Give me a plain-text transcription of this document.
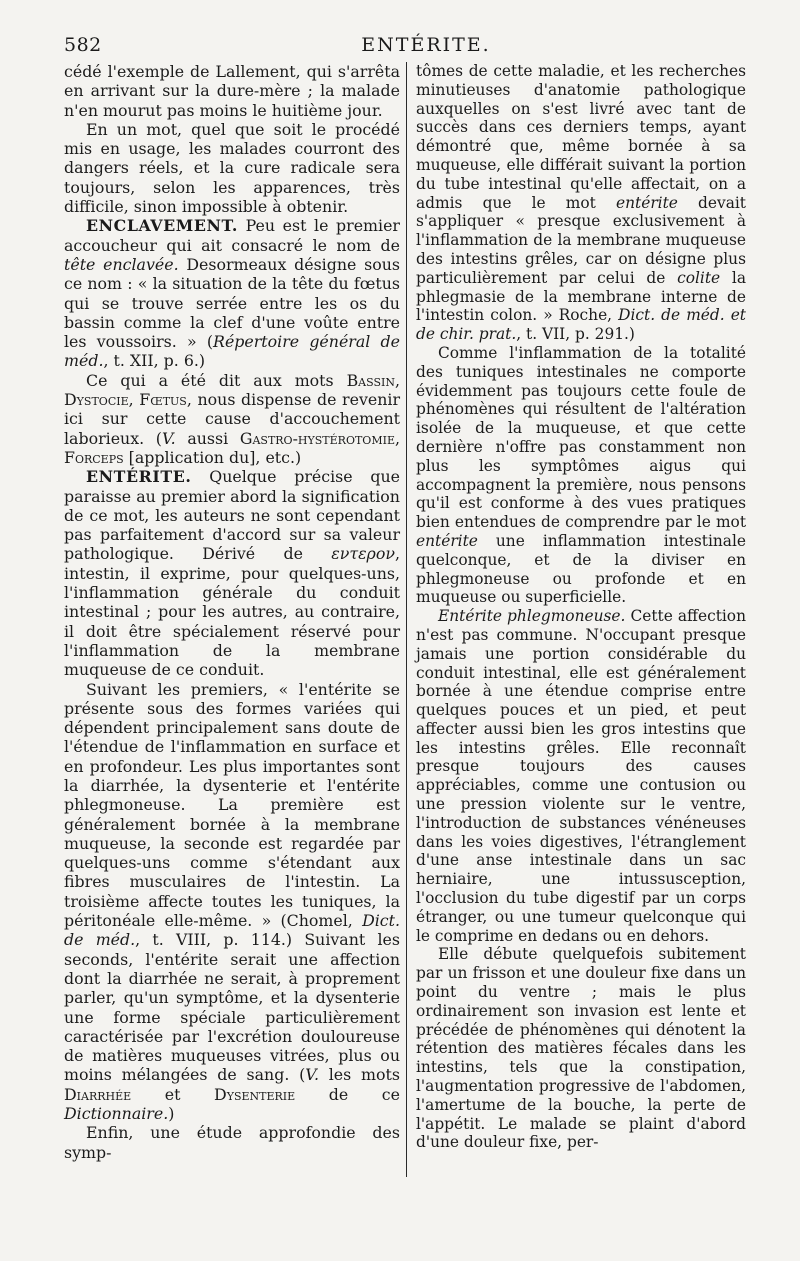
582	ENTÉRITE.

cédé l'exemple de Lallement, qui s'arrêta en arrivant sur la dure-mère ; la malade n'en mourut pas moins le huitième jour.

En un mot, quel que soit le procédé mis en usage, les malades courront des dangers réels, et la cure radicale sera toujours, selon les apparences, très difficile, sinon impossible à obtenir.

ENCLAVEMENT. Peu est le premier accoucheur qui ait consacré le nom de tête enclavée. Desormeaux désigne sous ce nom : « la situation de la tête du fœtus qui se trouve serrée entre les os du bassin comme la clef d'une voûte entre les voussoirs. » (Répertoire général de méd., t. XII, p. 6.)

Ce qui a été dit aux mots Bassin, Dystocie, Fœtus, nous dispense de revenir ici sur cette cause d'accouchement laborieux. (V. aussi Gastro-hystérotomie, Forceps [application du], etc.)

ENTÉRITE. Quelque précise que paraisse au premier abord la signification de ce mot, les auteurs ne sont cependant pas parfaitement d'accord sur sa valeur pathologique. Dérivé de εντερον, intestin, il exprime, pour quelques-uns, l'inflammation générale du conduit intestinal ; pour les autres, au contraire, il doit être spécialement réservé pour l'inflammation de la membrane muqueuse de ce conduit.

Suivant les premiers, « l'entérite se présente sous des formes variées qui dépendent principalement sans doute de l'étendue de l'inflammation en surface et en profondeur. Les plus importantes sont la diarrhée, la dysenterie et l'entérite phlegmoneuse. La première est généralement bornée à la membrane muqueuse, la seconde est regardée par quelques-uns comme s'étendant aux fibres musculaires de l'intestin. La troisième affecte toutes les tuniques, la péritonéale elle-même. » (Chomel, Dict. de méd., t. VIII, p. 114.) Suivant les seconds, l'entérite serait une affection dont la diarrhée ne serait, à proprement parler, qu'un symptôme, et la dysenterie une forme spéciale particulièrement caractérisée par l'excrétion douloureuse de matières muqueuses vitrées, plus ou moins mélangées de sang. (V. les mots Diarrhée et Dysenterie de ce Dictionnaire.)

Enfin, une étude approfondie des symp-

tômes de cette maladie, et les recherches minutieuses d'anatomie pathologique auxquelles on s'est livré avec tant de succès dans ces derniers temps, ayant démontré que, même bornée à sa muqueuse, elle différait suivant la portion du tube intestinal qu'elle affectait, on a admis que le mot entérite devait s'appliquer « presque exclusivement à l'inflammation de la membrane muqueuse des intestins grêles, car on désigne plus particulièrement par celui de colite la phlegmasie de la membrane interne de l'intestin colon. » Roche, Dict. de méd. et de chir. prat., t. VII, p. 291.)

Comme l'inflammation de la totalité des tuniques intestinales ne comporte évidemment pas toujours cette foule de phénomènes qui résultent de l'altération isolée de la muqueuse, et que cette dernière n'offre pas constamment non plus les symptômes aigus qui accompagnent la première, nous pensons qu'il est conforme à des vues pratiques bien entendues de comprendre par le mot entérite une inflammation intestinale quelconque, et de la diviser en phlegmoneuse ou profonde et en muqueuse ou superficielle.

Entérite phlegmoneuse. Cette affection n'est pas commune. N'occupant presque jamais une portion considérable du conduit intestinal, elle est généralement bornée à une étendue comprise entre quelques pouces et un pied, et peut affecter aussi bien les gros intestins que les intestins grêles. Elle reconnaît presque toujours des causes appréciables, comme une contusion ou une pression violente sur le ventre, l'introduction de substances vénéneuses dans les voies digestives, l'étranglement d'une anse intestinale dans un sac herniaire, une intussusception, l'occlusion du tube digestif par un corps étranger, ou une tumeur quelconque qui le comprime en dedans ou en dehors.

Elle débute quelquefois subitement par un frisson et une douleur fixe dans un point du ventre ; mais le plus ordinairement son invasion est lente et précédée de phénomènes qui dénotent la rétention des matières fécales dans les intestins, tels que la constipation, l'augmentation progressive de l'abdomen, l'amertume de la bouche, la perte de l'appétit. Le malade se plaint d'abord d'une douleur fixe, per-
